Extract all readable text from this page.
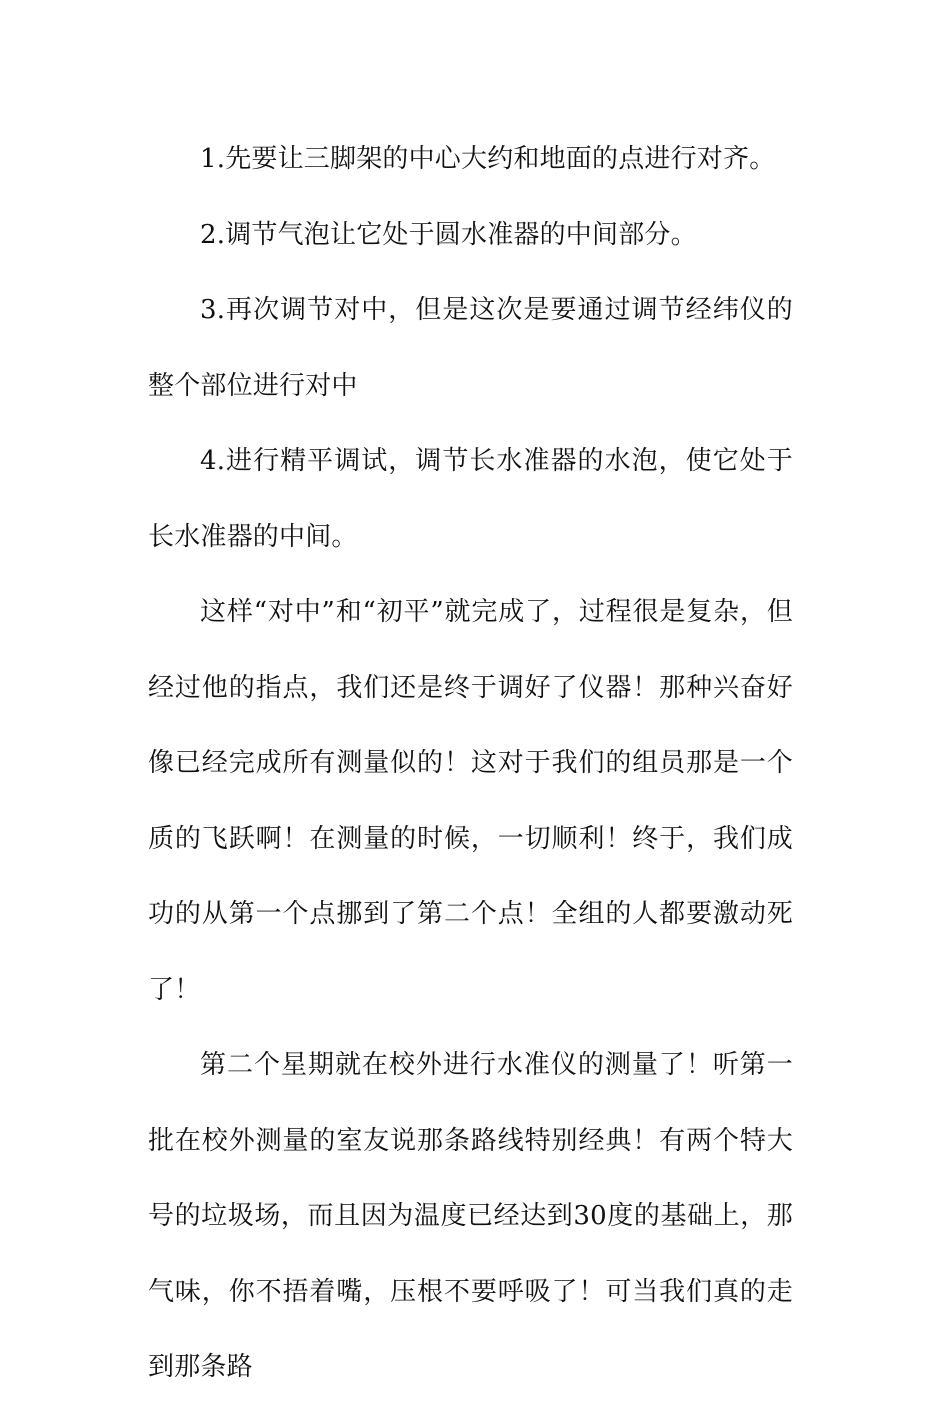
1.先要让三脚架的中心大约和地面的点进行对齐。

2.调节气泡让它处于圆水准器的中间部分。

3.再次调节对中，但是这次是要通过调节经纬仪的整个部位进行对中

4.进行精平调试，调节长水准器的水泡，使它处于长水准器的中间。

这样“对中”和“初平”就完成了，过程很是复杂，但经过他的指点，我们还是终于调好了仪器！那种兴奋好像已经完成所有测量似的！这对于我们的组员那是一个质的飞跃啊！在测量的时候，一切顺利！终于，我们成功的从第一个点挪到了第二个点！全组的人都要激动死了！

第二个星期就在校外进行水准仪的测量了！听第一批在校外测量的室友说那条路线特别经典！有两个特大号的垃圾场，而且因为温度已经达到30度的基础上，那气味，你不捂着嘴，压根不要呼吸了！可当我们真的走到那条路
